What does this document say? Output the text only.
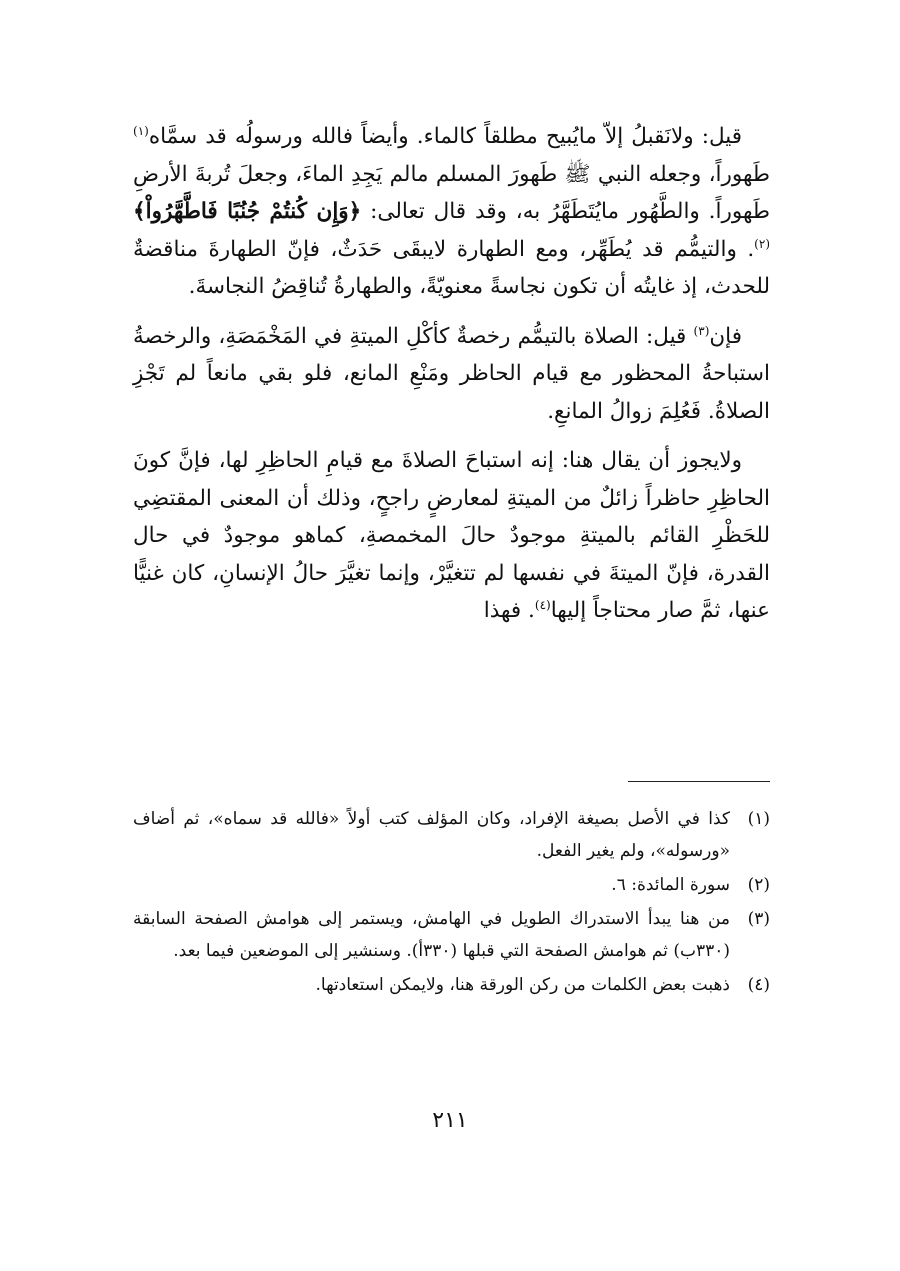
قيل: ولانَقبلُ إلاّ مايُبيح مطلقاً كالماء. وأيضاً فالله ورسولُه قد سمَّاه$^{(١)}$ طَهوراً، وجعله النبي ﷺ طَهورَ المسلم مالم يَجِدِ الماءَ، وجعلَ تُربةَ الأرضِ طَهوراً. والطَّهُور مايُتَطَهَّرُ به، وقد قال تعالى: ﴿وَإِن كُنتُمْ جُنُبًا فَاطَّهَّرُواْ﴾$^{(٢)}$. والتيمُّم قد يُطَهِّر، ومع الطهارة لايبقَى حَدَثٌ، فإنّ الطهارةَ مناقضةٌ للحدث، إذ غايتُه أن تكون نجاسةً معنويّةً، والطهارةُ تُناقِضُ النجاسةَ.

فإن$^{(٣)}$ قيل: الصلاة بالتيمُّم رخصةٌ كأكْلِ الميتةِ في المَخْمَصَةِ، والرخصةُ استباحةُ المحظور مع قيام الحاظر ومَنْعِ المانع، فلو بقي مانعاً لم تَجْزِ الصلاةُ. فَعُلِمَ زوالُ المانعِ.

ولايجوز أن يقال هنا: إنه استباحَ الصلاةَ مع قيامِ الحاظِرِ لها، فإنَّ كونَ الحاظِرِ حاظراً زائلٌ من الميتةِ لمعارضٍ راجحٍ، وذلك أن المعنى المقتضِي للحَظْرِ القائم بالميتةِ موجودٌ حالَ المخمصةِ، كماهو موجودٌ في حال القدرة، فإنّ الميتةَ في نفسها لم تتغيَّرْ، وإنما تغيَّرَ حالُ الإنسانِ، كان غنيًّا عنها، ثمَّ صار محتاجاً إليها$^{(٤)}$. فهذا

(١)
كذا في الأصل بصيغة الإفراد، وكان المؤلف كتب أولاً «فالله قد سماه»، ثم أضاف «ورسوله»، ولم يغير الفعل.
(٢)
سورة المائدة: ٦.
(٣)
من هنا يبدأ الاستدراك الطويل في الهامش، ويستمر إلى هوامش الصفحة السابقة (٣٣٠ب) ثم هوامش الصفحة التي قبلها (٣٣٠أ). وسنشير إلى الموضعين فيما بعد.
(٤)
ذهبت بعض الكلمات من ركن الورقة هنا، ولايمكن استعادتها.
٢١١
